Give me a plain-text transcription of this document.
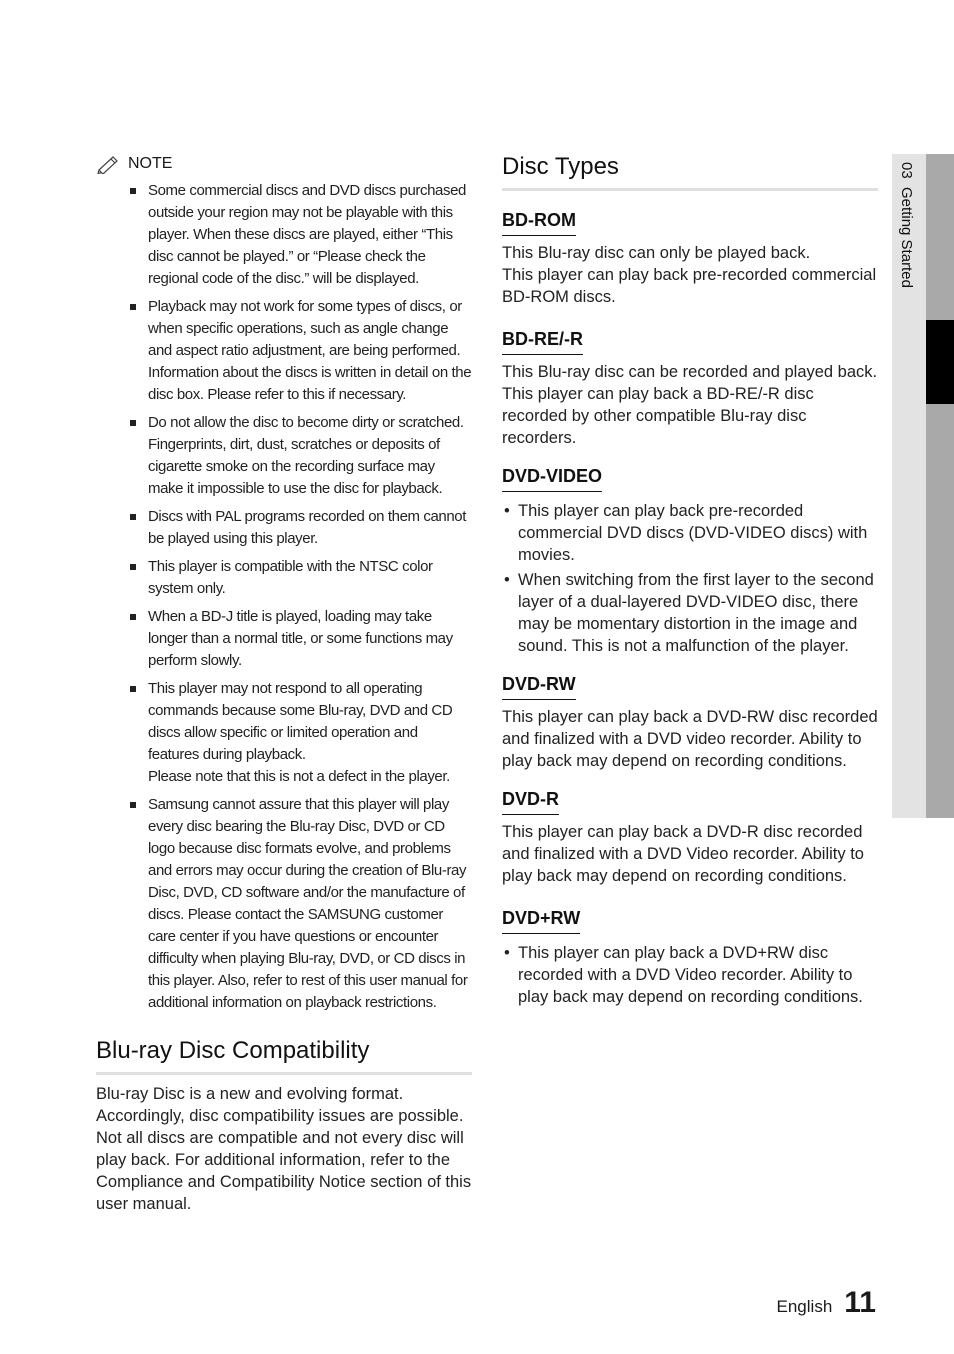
03  Getting Started
NOTE
Some commercial discs and DVD discs purchased outside your region may not be playable with this player. When these discs are played, either “This disc cannot be played.” or “Please check the regional code of the disc.” will be displayed.
Playback may not work for some types of discs, or when specific operations, such as angle change and aspect ratio adjustment, are being performed. Information about the discs is written in detail on the disc box. Please refer to this if necessary.
Do not allow the disc to become dirty or scratched. Fingerprints, dirt, dust, scratches or deposits of cigarette smoke on the recording surface may make it impossible to use the disc for playback.
Discs with PAL programs recorded on them cannot be played using this player.
This player is compatible with the NTSC color system only.
When a BD-J title is played, loading may take longer than a normal title, or some functions may perform slowly.
This player may not respond to all operating commands because some Blu-ray, DVD and CD discs allow specific or limited operation and features during playback.
Please note that this is not a defect in the player.
Samsung cannot assure that this player will play every disc bearing the Blu-ray Disc, DVD or CD logo because disc formats evolve, and problems and errors may occur during the creation of Blu-ray Disc, DVD, CD software and/or the manufacture of discs. Please contact the SAMSUNG customer care center if you have questions or encounter difficulty when playing Blu-ray, DVD, or CD discs in this player. Also, refer to rest of this user manual for additional information on playback restrictions.
Blu-ray Disc Compatibility

Blu-ray Disc is a new and evolving format. Accordingly, disc compatibility issues are possible. Not all discs are compatible and not every disc will play back. For additional information, refer to the Compliance and Compatibility Notice section of this user manual.

Disc Types
BD-ROM

This Blu-ray disc can only be played back.
This player can play back pre-recorded commercial BD-ROM discs.

BD-RE/-R

This Blu-ray disc can be recorded and played back.
This player can play back a BD-RE/-R disc recorded by other compatible Blu-ray disc recorders.

DVD-VIDEO
• This player can play back pre-recorded commercial DVD discs (DVD-VIDEO discs) with movies.
• When switching from the first layer to the second layer of a dual-layered DVD-VIDEO disc, there may be momentary distortion in the image and sound. This is not a malfunction of the player.
DVD-RW

This player can play back a DVD-RW disc recorded and finalized with a DVD video recorder. Ability to play back may depend on recording conditions.

DVD-R

This player can play back a DVD-R disc recorded and finalized with a DVD Video recorder. Ability to play back may depend on recording conditions.

DVD+RW
• This player can play back a DVD+RW disc recorded with a DVD Video recorder. Ability to play back may depend on recording conditions.
English 11
